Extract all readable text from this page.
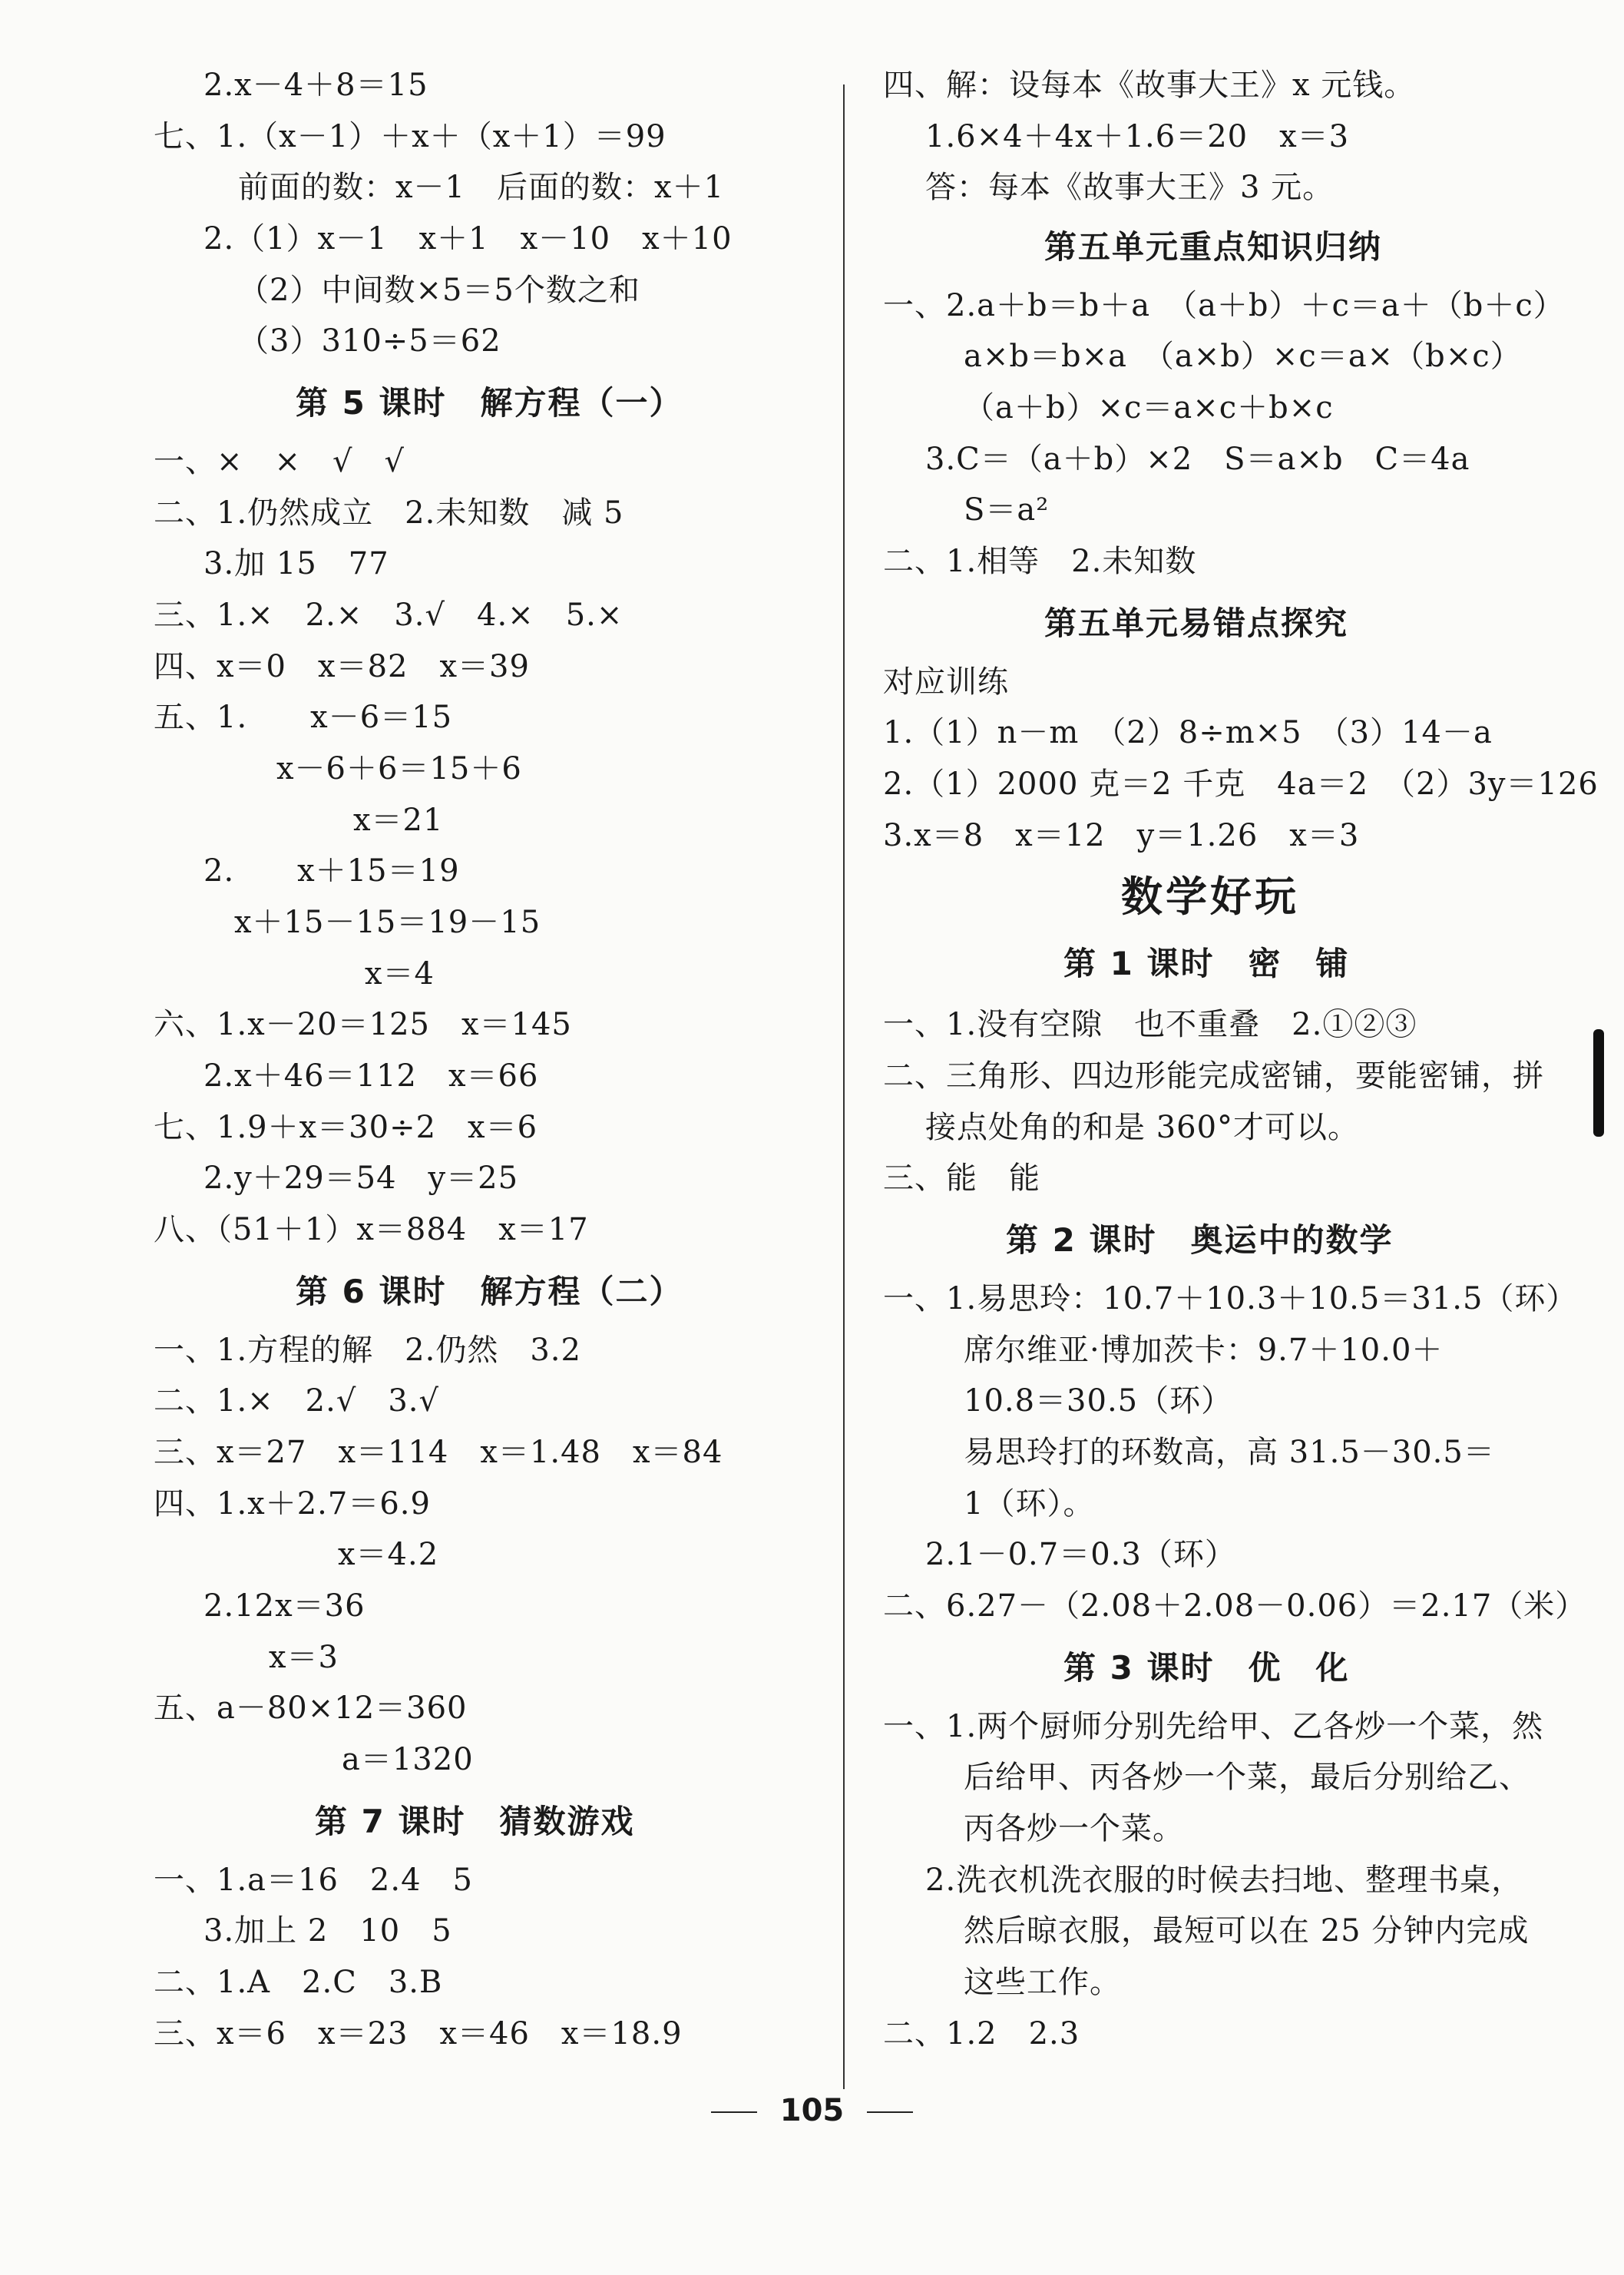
2.x－4＋8＝15
七、1.（x－1）＋x＋（x＋1）＝99
前面的数：x－1　后面的数：x＋1
2.（1）x－1　x＋1　x－10　x＋10
（2）中间数×5＝5个数之和
（3）310÷5＝62
第 5 课时　解方程（一）
一、×　×　√　√
二、1.仍然成立　2.未知数　减 5
3.加 15　77
三、1.×　2.×　3.√　4.×　5.×
四、x＝0　x＝82　x＝39
五、1.　　x－6＝15
x－6＋6＝15＋6
x＝21
2.　　x＋15＝19
x＋15－15＝19－15
x＝4
六、1.x－20＝125　x＝145
2.x＋46＝112　x＝66
七、1.9＋x＝30÷2　x＝6
2.y＋29＝54　y＝25
八、（51＋1）x＝884　x＝17
第 6 课时　解方程（二）
一、1.方程的解　2.仍然　3.2
二、1.×　2.√　3.√
三、x＝27　x＝114　x＝1.48　x＝84
四、1.x＋2.7＝6.9
x＝4.2
2.12x＝36
x＝3
五、a－80×12＝360
a＝1320
第 7 课时　猜数游戏
一、1.a＝16　2.4　5
3.加上 2　10　5
二、1.A　2.C　3.B
三、x＝6　x＝23　x＝46　x＝18.9
四、解：设每本《故事大王》x 元钱。
1.6×4＋4x＋1.6＝20　x＝3
答：每本《故事大王》3 元。
第五单元重点知识归纳
一、2.a＋b＝b＋a　（a＋b）＋c＝a＋（b＋c）
a×b＝b×a　（a×b）×c＝a×（b×c）
（a＋b）×c＝a×c＋b×c
3.C＝（a＋b）×2　S＝a×b　C＝4a
S＝a²
二、1.相等　2.未知数
第五单元易错点探究
对应训练
1.（1）n－m　（2）8÷m×5　（3）14－a
2.（1）2000 克＝2 千克　4a＝2　（2）3y＝126
3.x＝8　x＝12　y＝1.26　x＝3
数学好玩
第 1 课时　密　铺
一、1.没有空隙　也不重叠　2.①②③
二、三角形、四边形能完成密铺，要能密铺，拼
接点处角的和是 360°才可以。
三、能　能
第 2 课时　奥运中的数学
一、1.易思玲：10.7＋10.3＋10.5＝31.5（环）
席尔维亚·博加茨卡：9.7＋10.0＋
10.8＝30.5（环）
易思玲打的环数高，高 31.5－30.5＝
1（环）。
2.1－0.7＝0.3（环）
二、6.27－（2.08＋2.08－0.06）＝2.17（米）
第 3 课时　优　化
一、1.两个厨师分别先给甲、乙各炒一个菜，然
后给甲、丙各炒一个菜，最后分别给乙、
丙各炒一个菜。
2.洗衣机洗衣服的时候去扫地、整理书桌，
然后晾衣服，最短可以在 25 分钟内完成
这些工作。
二、1.2　2.3
105
